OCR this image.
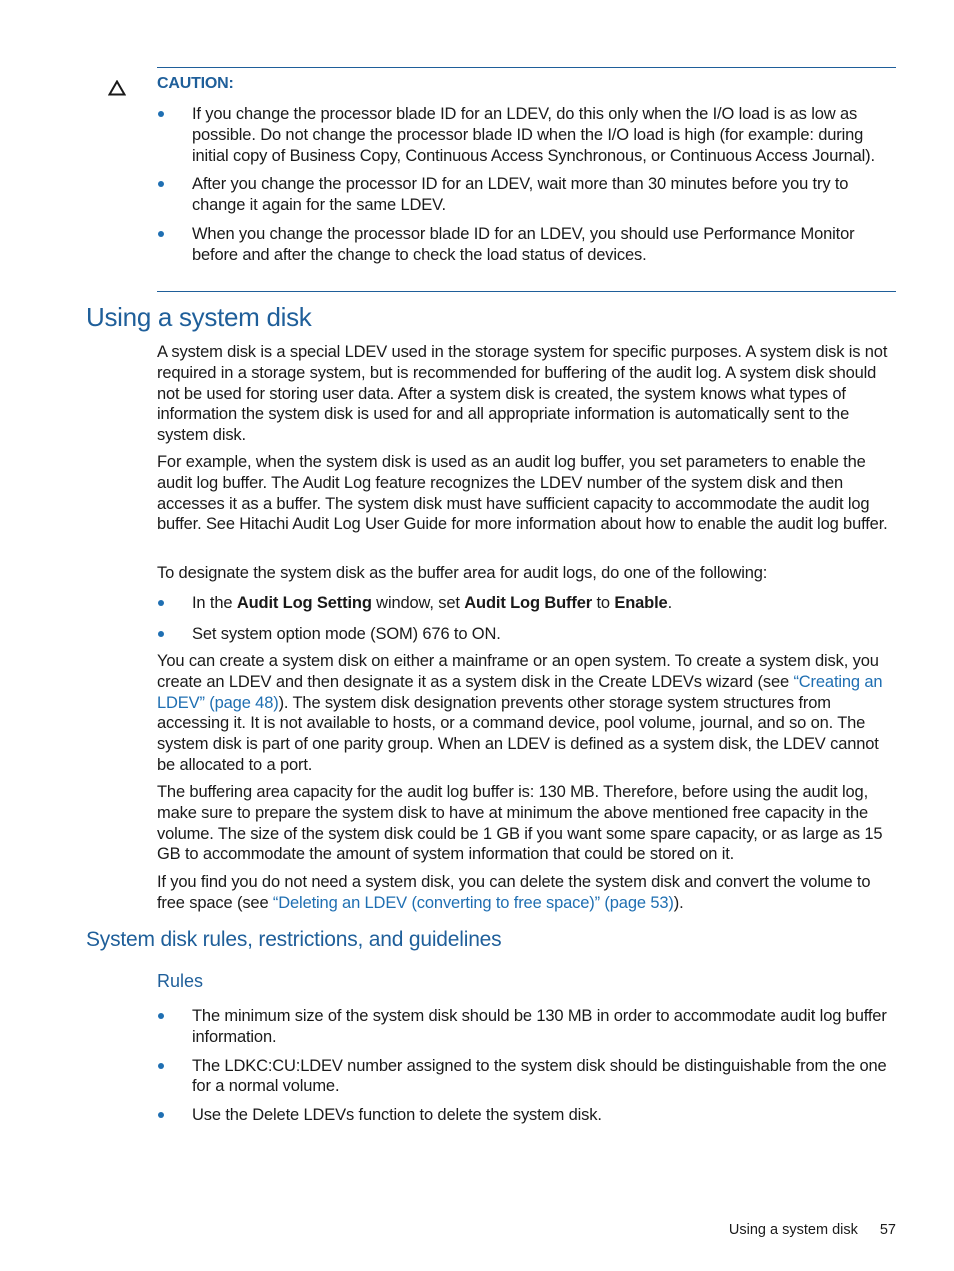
CAUTION:
If you change the processor blade ID for an LDEV, do this only when the I/O load is as low as possible. Do not change the processor blade ID when the I/O load is high (for example: during initial copy of Business Copy, Continuous Access Synchronous, or Continuous Access Journal).
After you change the processor ID for an LDEV, wait more than 30 minutes before you try to change it again for the same LDEV.
When you change the processor blade ID for an LDEV, you should use Performance Monitor before and after the change to check the load status of devices.
Using a system disk

A system disk is a special LDEV used in the storage system for specific purposes. A system disk is not required in a storage system, but is recommended for buffering of the audit log. A system disk should not be used for storing user data. After a system disk is created, the system knows what types of information the system disk is used for and all appropriate information is automatically sent to the system disk.

For example, when the system disk is used as an audit log buffer, you set parameters to enable the audit log buffer. The Audit Log feature recognizes the LDEV number of the system disk and then accesses it as a buffer. The system disk must have sufficient capacity to accommodate the audit log buffer. See Hitachi Audit Log User Guide for more information about how to enable the audit log buffer.

To designate the system disk as the buffer area for audit logs, do one of the following:

In the Audit Log Setting window, set Audit Log Buffer to Enable.
Set system option mode (SOM) 676 to ON.

You can create a system disk on either a mainframe or an open system. To create a system disk, you create an LDEV and then designate it as a system disk in the Create LDEVs wizard (see “Creating an LDEV” (page 48)). The system disk designation prevents other storage system structures from accessing it. It is not available to hosts, or a command device, pool volume, journal, and so on. The system disk is part of one parity group. When an LDEV is defined as a system disk, the LDEV cannot be allocated to a port.

The buffering area capacity for the audit log buffer is: 130 MB. Therefore, before using the audit log, make sure to prepare the system disk to have at minimum the above mentioned free capacity in the volume. The size of the system disk could be 1 GB if you want some spare capacity, or as large as 15 GB to accommodate the amount of system information that could be stored on it.

If you find you do not need a system disk, you can delete the system disk and convert the volume to free space (see “Deleting an LDEV (converting to free space)” (page 53)).

System disk rules, restrictions, and guidelines
Rules
The minimum size of the system disk should be 130 MB in order to accommodate audit log buffer information.
The LDKC:CU:LDEV number assigned to the system disk should be distinguishable from the one for a normal volume.
Use the Delete LDEVs function to delete the system disk.
Using a system disk 57
